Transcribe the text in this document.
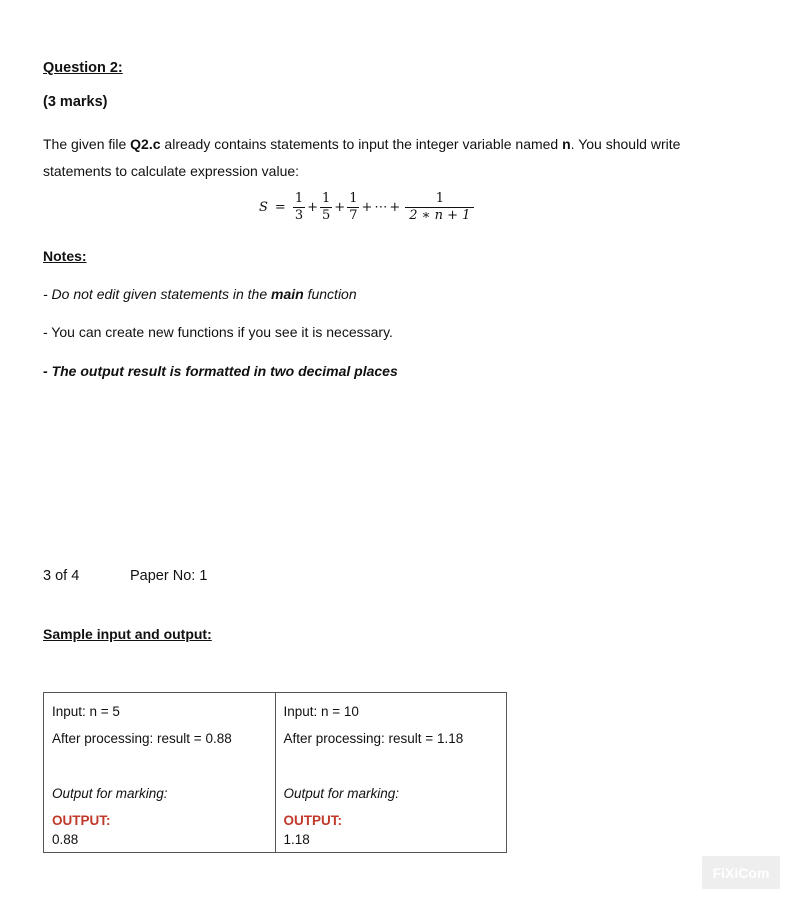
Question 2:
(3 marks)
The given file Q2.c already contains statements to input the integer variable named n. You should write
statements to calculate expression value:
$S = \frac{1}{3} + \frac{1}{5} + \frac{1}{7}$ + ⋯ + $\frac{1}{2 ∗ n + 1}$
Notes:
- Do not edit given statements in the main function
- You can create new functions if you see it is necessary.
- The output result is formatted in two decimal places
3 of 4	Paper No: 1
Sample input and output:
Input: n = 5
After processing: result = 0.88
Output for marking:
OUTPUT:
0.88
Input: n = 10
After processing: result = 1.18
Output for marking:
OUTPUT:
1.18
FiXiCom
